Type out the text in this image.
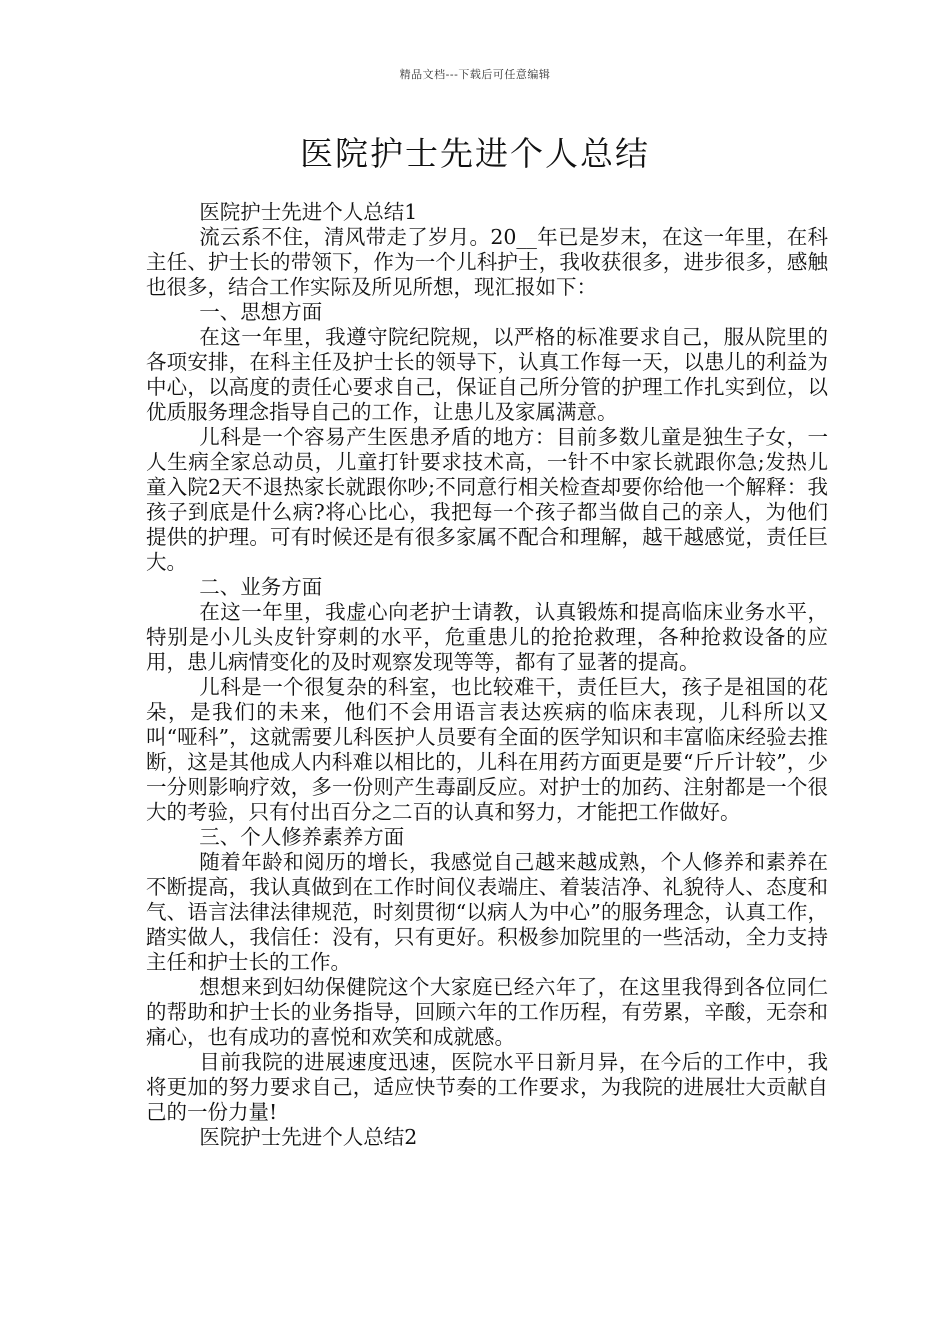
精品文档---下载后可任意编辑
医院护士先进个人总结

医院护士先进个人总结1

流云系不住，清风带走了岁月。20__年已是岁末，在这一年里，在科主任、护士长的带领下，作为一个儿科护士，我收获很多，进步很多，感触也很多，结合工作实际及所见所想，现汇报如下：

一、思想方面

在这一年里，我遵守院纪院规，以严格的标准要求自己，服从院里的各项安排，在科主任及护士长的领导下，认真工作每一天，以患儿的利益为中心，以高度的责任心要求自己，保证自己所分管的护理工作扎实到位，以优质服务理念指导自己的工作，让患儿及家属满意。

儿科是一个容易产生医患矛盾的地方：目前多数儿童是独生子女，一人生病全家总动员，儿童打针要求技术高，一针不中家长就跟你急;发热儿童入院2天不退热家长就跟你吵;不同意行相关检查却要你给他一个解释：我孩子到底是什么病?将心比心，我把每一个孩子都当做自己的亲人，为他们提供的护理。可有时候还是有很多家属不配合和理解，越干越感觉，责任巨大。

二、业务方面

在这一年里，我虚心向老护士请教，认真锻炼和提高临床业务水平，特别是小儿头皮针穿刺的水平，危重患儿的抢抢救理，各种抢救设备的应用，患儿病情变化的及时观察发现等等，都有了显著的提高。

儿科是一个很复杂的科室，也比较难干，责任巨大，孩子是祖国的花朵，是我们的未来，他们不会用语言表达疾病的临床表现，儿科所以又叫“哑科”，这就需要儿科医护人员要有全面的医学知识和丰富临床经验去推断，这是其他成人内科难以相比的，儿科在用药方面更是要“斤斤计较”，少一分则影响疗效，多一份则产生毒副反应。对护士的加药、注射都是一个很大的考验，只有付出百分之二百的认真和努力，才能把工作做好。

三、个人修养素养方面

随着年龄和阅历的增长，我感觉自己越来越成熟，个人修养和素养在不断提高，我认真做到在工作时间仪表端庄、着装洁净、礼貌待人、态度和气、语言法律法律规范，时刻贯彻“以病人为中心”的服务理念，认真工作，踏实做人，我信任：没有，只有更好。积极参加院里的一些活动，全力支持主任和护士长的工作。

想想来到妇幼保健院这个大家庭已经六年了，在这里我得到各位同仁的帮助和护士长的业务指导，回顾六年的工作历程，有劳累，辛酸，无奈和痛心，也有成功的喜悦和欢笑和成就感。

目前我院的进展速度迅速，医院水平日新月异，在今后的工作中，我将更加的努力要求自己，适应快节奏的工作要求，为我院的进展壮大贡献自己的一份力量!

医院护士先进个人总结2
